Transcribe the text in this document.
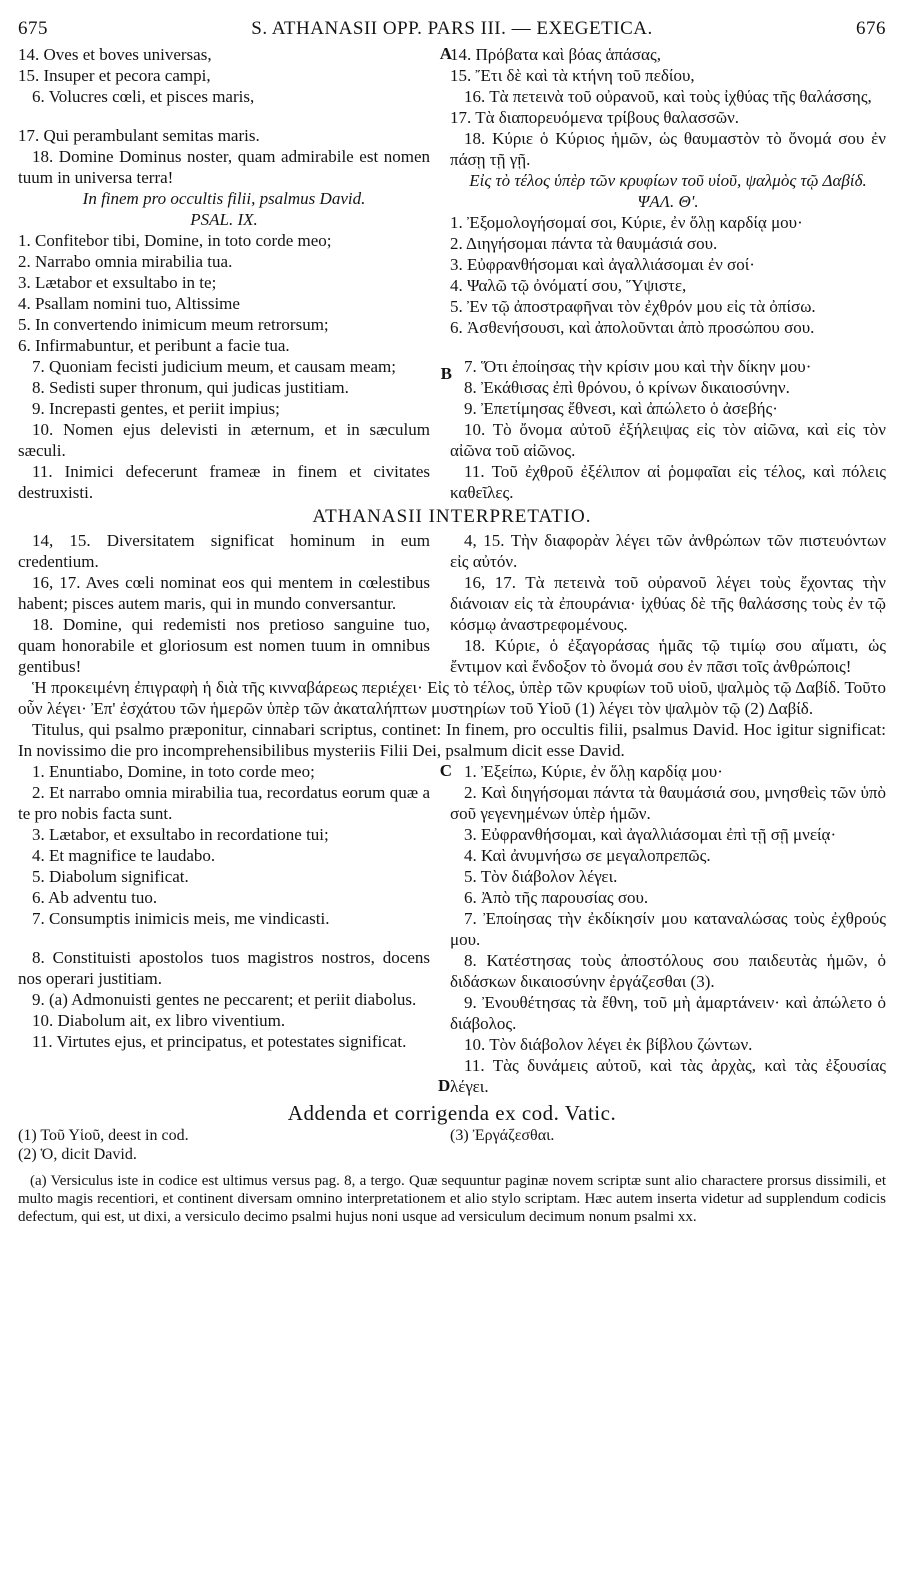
675	S. ATHANASII OPP. PARS III. — EXEGETICA.	676
A

14. Oves et boves universas,

15. Insuper et pecora campi,

6. Volucres cœli, et pisces maris,

17. Qui perambulant semitas maris.

18. Domine Dominus noster, quam admirabile est nomen tuum in universa terra!

In finem pro occultis filii, psalmus David.

PSAL. IX.

1. Confitebor tibi, Domine, in toto corde meo;

2. Narrabo omnia mirabilia tua.

3. Lætabor et exsultabo in te;

4. Psallam nomini tuo, Altissime

5. In convertendo inimicum meum retrorsum;

6. Infirmabuntur, et peribunt a facie tua.

14. Πρόβατα καὶ βόας ἁπάσας,

15. Ἔτι δὲ καὶ τὰ κτήνη τοῦ πεδίου,

16. Τὰ πετεινὰ τοῦ οὐρανοῦ, καὶ τοὺς ἰχθύας τῆς θαλάσσης,

17. Τὰ διαπορευόμενα τρίβους θαλασσῶν.

18. Κύριε ὁ Κύριος ἡμῶν, ὡς θαυμαστὸν τὸ ὄνομά σου ἐν πάσῃ τῇ γῇ.

Εἰς τὸ τέλος ὑπὲρ τῶν κρυφίων τοῦ υἱοῦ, ψαλμὸς τῷ Δαβίδ. ΨΑΛ. Θ'.

1. Ἐξομολογήσομαί σοι, Κύριε, ἐν ὅλῃ καρδίᾳ μου·

2. Διηγήσομαι πάντα τὰ θαυμάσιά σου.

3. Εὐφρανθήσομαι καὶ ἀγαλλιάσομαι ἐν σοί·

4. Ψαλῶ τῷ ὀνόματί σου, Ὕψιστε,

5. Ἐν τῷ ἀποστραφῆναι τὸν ἐχθρόν μου εἰς τὰ ὀπίσω.

6. Ἀσθενήσουσι, καὶ ἀπολοῦνται ἀπὸ προσώπου σου.

B

7. Quoniam fecisti judicium meum, et causam meam;

8. Sedisti super thronum, qui judicas justitiam.

9. Increpasti gentes, et periit impius;

10. Nomen ejus delevisti in æternum, et in sæculum sæculi.

11. Inimici defecerunt frameæ in finem et civitates destruxisti.

7. Ὅτι ἐποίησας τὴν κρίσιν μου καὶ τὴν δίκην μου·

8. Ἐκάθισας ἐπὶ θρόνου, ὁ κρίνων δικαιοσύνην.

9. Ἐπετίμησας ἔθνεσι, καὶ ἀπώλετο ὁ ἀσεβής·

10. Τὸ ὄνομα αὐτοῦ ἐξήλειψας εἰς τὸν αἰῶνα, καὶ εἰς τὸν αἰῶνα τοῦ αἰῶνος.

11. Τοῦ ἐχθροῦ ἐξέλιπον αἱ ῥομφαῖαι εἰς τέλος, καὶ πόλεις καθεῖλες.

ATHANASII INTERPRETATIO.

14, 15. Diversitatem significat hominum in eum credentium.

16, 17. Aves cœli nominat eos qui mentem in cœlestibus habent; pisces autem maris, qui in mundo conversantur.

18. Domine, qui redemisti nos pretioso sanguine tuo, quam honorabile et gloriosum est nomen tuum in omnibus gentibus!

4, 15. Τὴν διαφορὰν λέγει τῶν ἀνθρώπων τῶν πιστευόντων εἰς αὐτόν.

16, 17. Τὰ πετεινὰ τοῦ οὐρανοῦ λέγει τοὺς ἔχοντας τὴν διάνοιαν εἰς τὰ ἐπουράνια· ἰχθύας δὲ τῆς θαλάσσης τοὺς ἐν τῷ κόσμῳ ἀναστρεφομένους.

18. Κύριε, ὁ ἐξαγοράσας ἡμᾶς τῷ τιμίῳ σου αἵματι, ὡς ἔντιμον καὶ ἔνδοξον τὸ ὄνομά σου ἐν πᾶσι τοῖς ἀνθρώποις!

Ἡ προκειμένη ἐπιγραφὴ ἡ διὰ τῆς κινναβάρεως περιέχει· Εἰς τὸ τέλος, ὑπὲρ τῶν κρυφίων τοῦ υἱοῦ, ψαλμὸς τῷ Δαβίδ. Τοῦτο οὖν λέγει· Ἐπ' ἐσχάτου τῶν ἡμερῶν ὑπὲρ τῶν ἀκαταλήπτων μυστηρίων τοῦ Υἱοῦ (1) λέγει τὸν ψαλμὸν τῷ (2) Δαβίδ.

Titulus, qui psalmo præponitur, cinnabari scriptus, continet: In finem, pro occultis filii, psalmus David. Hoc igitur significat: In novissimo die pro incomprehensibilibus mysteriis Filii Dei, psalmum dicit esse David.

C

1. Enuntiabo, Domine, in toto corde meo;

2. Et narrabo omnia mirabilia tua, recordatus eorum quæ a te pro nobis facta sunt.

3. Lætabor, et exsultabo in recordatione tui;

4. Et magnifice te laudabo.

5. Diabolum significat.

6. Ab adventu tuo.

7. Consumptis inimicis meis, me vindicasti.

8. Constituisti apostolos tuos magistros nostros, docens nos operari justitiam.

9. (a) Admonuisti gentes ne peccarent; et periit diabolus.

10. Diabolum ait, ex libro viventium.

11. Virtutes ejus, et principatus, et potestates significat.

1. Ἐξείπω, Κύριε, ἐν ὅλῃ καρδίᾳ μου·

2. Καὶ διηγήσομαι πάντα τὰ θαυμάσιά σου, μνησθεὶς τῶν ὑπὸ σοῦ γεγενημένων ὑπὲρ ἡμῶν.

3. Εὐφρανθήσομαι, καὶ ἀγαλλιάσομαι ἐπὶ τῇ σῇ μνείᾳ·

4. Καὶ ἀνυμνήσω σε μεγαλοπρεπῶς.

5. Τὸν διάβολον λέγει.

6. Ἀπὸ τῆς παρουσίας σου.

7. Ἐποίησας τὴν ἐκδίκησίν μου καταναλώσας τοὺς ἐχθρούς μου.

8. Κατέστησας τοὺς ἀποστόλους σου παιδευτὰς ἡμῶν, ὁ διδάσκων δικαιοσύνην ἐργάζεσθαι (3).

9. Ἐνουθέτησας τὰ ἔθνη, τοῦ μὴ ἁμαρτάνειν· καὶ ἀπώλετο ὁ διάβολος.

10. Τὸν διάβολον λέγει ἐκ βίβλου ζώντων.

11. Τὰς δυνάμεις αὐτοῦ, καὶ τὰς ἀρχὰς, καὶ τὰς ἐξουσίας λέγει.

D
Addenda et corrigenda ex cod. Vatic.

(1) Τοῦ Υἱοῦ, deest in cod.

(2) Ὁ, dicit David.

(3) Ἐργάζεσθαι.

(a) Versiculus iste in codice est ultimus versus pag. 8, a tergo. Quæ sequuntur paginæ novem scriptæ sunt alio charactere prorsus dissimili, et multo magis recentiori, et continent diversam omnino interpretationem et alio stylo scriptam. Hæc autem inserta videtur ad supplendum codicis defectum, qui est, ut dixi, a versiculo decimo psalmi hujus noni usque ad versiculum decimum nonum psalmi xx.
